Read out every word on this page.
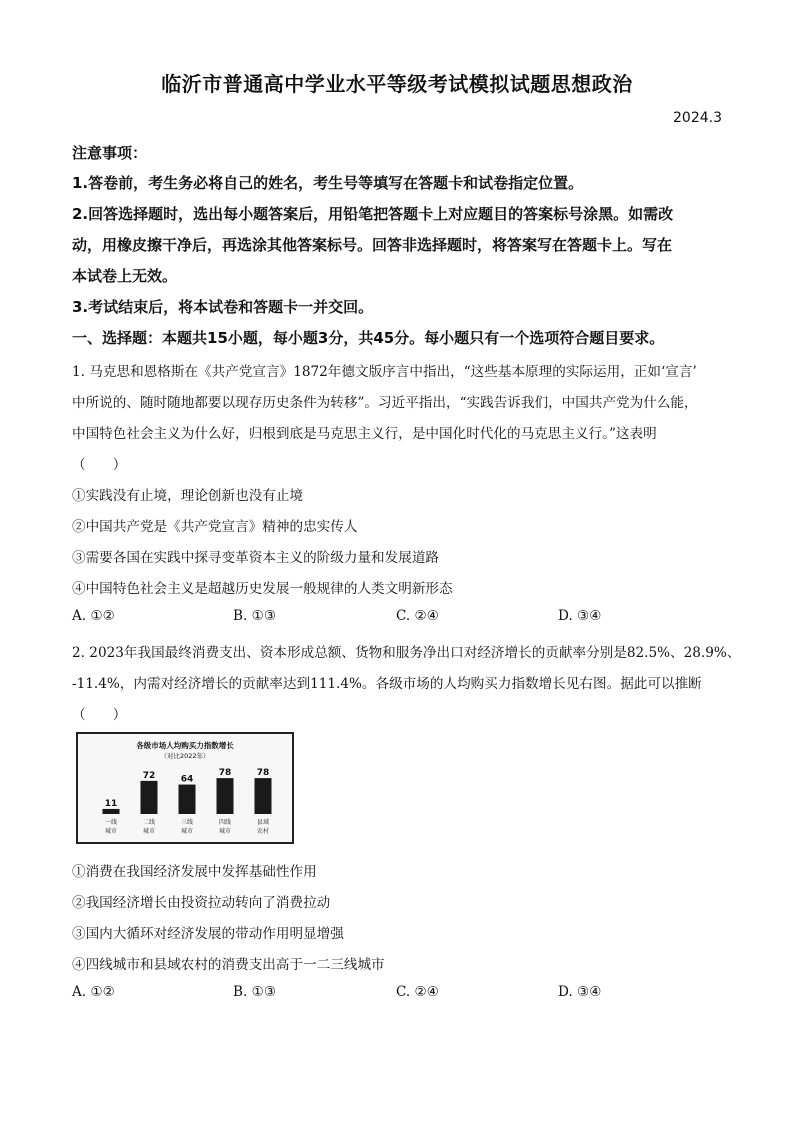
临沂市普通高中学业水平等级考试模拟试题思想政治
2024.3
注意事项：
1.答卷前，考生务必将自己的姓名，考生号等填写在答题卡和试卷指定位置。
2.回答选择题时，选出每小题答案后，用铅笔把答题卡上对应题目的答案标号涂黑。如需改
动，用橡皮擦干净后，再选涂其他答案标号。回答非选择题时，将答案写在答题卡上。写在
本试卷上无效。
3.考试结束后，将本试卷和答题卡一并交回。
一、选择题：本题共15小题，每小题3分，共45分。每小题只有一个选项符合题目要求。
1. 马克思和恩格斯在《共产党宣言》1872年德文版序言中指出，“这些基本原理的实际运用，正如‘宣言’
中所说的、随时随地都要以现存历史条件为转移”。习近平指出，“实践告诉我们，中国共产党为什么能，
中国特色社会主义为什么好，归根到底是马克思主义行，是中国化时代化的马克思主义行。”这表明
（　　）
①实践没有止境，理论创新也没有止境
②中国共产党是《共产党宣言》精神的忠实传人
③需要各国在实践中探寻变革资本主义的阶级力量和发展道路
④中国特色社会主义是超越历史发展一般规律的人类文明新形态
A. ①②	B. ①③	C. ②④	D. ③④
2. 2023年我国最终消费支出、资本形成总额、货物和服务净出口对经济增长的贡献率分别是82.5%、28.9%、
-11.4%，内需对经济增长的贡献率达到111.4%。各级市场的人均购买力指数增长见右图。据此可以推断
（　　）
各级市场人均购买力指数增长
（对比2022年）
11
一线
城市
72
二线
城市
64
三线
城市
78
四线
城市
78
县域
农村
①消费在我国经济发展中发挥基础性作用
②我国经济增长由投资拉动转向了消费拉动
③国内大循环对经济发展的带动作用明显增强
④四线城市和县域农村的消费支出高于一二三线城市
A. ①②	B. ①③	C. ②④	D. ③④
